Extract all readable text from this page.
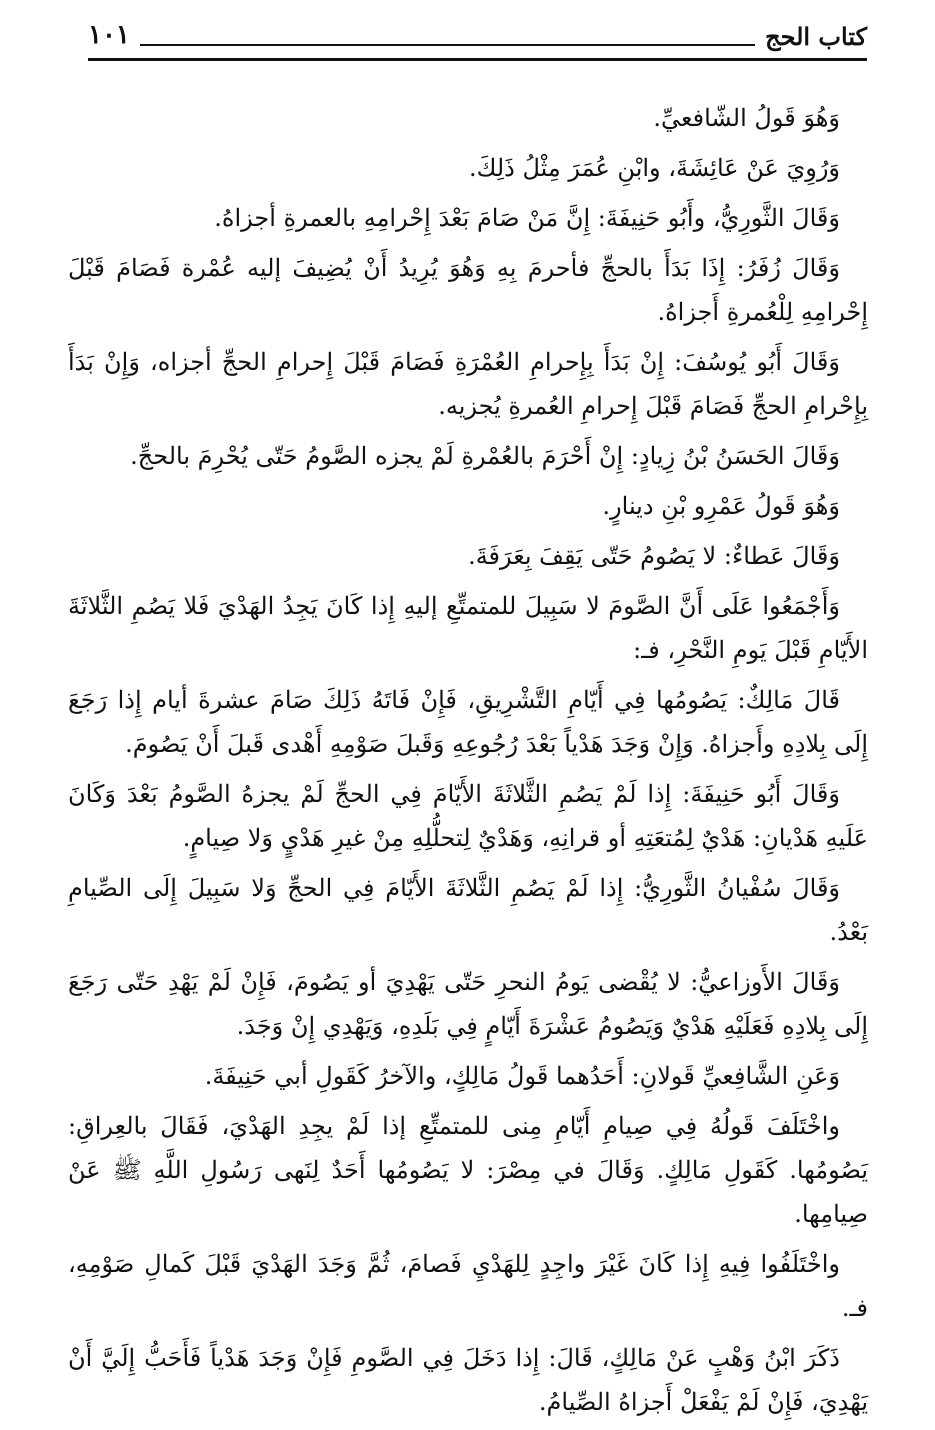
كتاب الحج
١٠١

وَهُوَ قَولُ الشّافعيِّ.

وَرُوِيَ عَنْ عَائِشَةَ، وابْنِ عُمَرَ مِثْلُ ذَلِكَ.

وَقَالَ الثَّورِيُّ، وأَبُو حَنِيفَةَ: إِنَّ مَنْ صَامَ بَعْدَ إِحْرامِهِ بالعمرةِ أجزاهُ.

وَقَالَ زُفَرُ: إِذَا بَدَأَ بالحجِّ فأحرمَ بِهِ وَهُوَ يُرِيدُ أَنْ يُضِيفَ إليه عُمْرة فَصَامَ قَبْلَ إِحْرامِهِ لِلْعُمرةِ أَجزاهُ.

وَقَالَ أَبُو يُوسُفَ: إِنْ بَدَأَ بِإِحرامِ العُمْرَةِ فَصَامَ قَبْلَ إِحرامِ الحجِّ أجزاه، وَإِنْ بَدَأَ بِإِحْرامِ الحجِّ فَصَامَ قَبْلَ إِحرامِ العُمرةِ يُجزيه.

وَقَالَ الحَسَنُ بْنُ زِيادٍ: إِنْ أَحْرَمَ بالعُمْرةِ لَمْ يجزه الصَّومُ حَتّى يُحْرِمَ بالحجِّ.

وَهُوَ قَولُ عَمْرِو بْنِ دينارٍ.

وَقَالَ عَطاءٌ: لا يَصُومُ حَتّى يَقِفَ بِعَرَفَةَ.

وَأَجْمَعُوا عَلَى أَنَّ الصَّومَ لا سَبِيلَ للمتمتِّعِ إليهِ إِذا كَانَ يَجِدُ الهَدْيَ فَلا يَصُمِ الثَّلاثَةَ الأَيّامِ قَبْلَ يَومِ النَّحْرِ، فـ:

قَالَ مَالِكٌ: يَصُومُها فِي أَيّامِ التَّشْرِيقِ، فَإِنْ فَاتَهُ ذَلِكَ صَامَ عشرةَ أيام إِذا رَجَعَ إِلَى بِلادِهِ وأَجزاهُ. وَإِنْ وَجَدَ هَدْياً بَعْدَ رُجُوعِهِ وَقَبلَ صَوْمِهِ أَهْدى قَبلَ أَنْ يَصُومَ.

وَقَالَ أَبُو حَنِيفَةَ: إِذا لَمْ يَصُمِ الثَّلاثَةَ الأَيّامَ فِي الحجِّ لَمْ يجزهُ الصَّومُ بَعْدَ وَكَانَ عَلَيهِ هَدْيانِ: هَدْيٌ لِمُتعَتِهِ أو قرانِهِ، وَهَدْيٌ لِتحلُّلِهِ مِنْ غيرِ هَدْيٍ وَلا صِيامٍ.

وَقَالَ سُفْيانُ الثَّورِيُّ: إِذا لَمْ يَصُمِ الثَّلاثَةَ الأَيّامَ فِي الحجِّ وَلا سَبِيلَ إِلَى الصِّيامِ بَعْدُ.

وَقَالَ الأَوزاعيُّ: لا يُقْضى يَومُ النحرِ حَتّى يَهْدِيَ أو يَصُومَ، فَإِنْ لَمْ يَهْدِ حَتّى رَجَعَ إِلَى بِلادِهِ فَعَلَيْهِ هَدْيٌ وَيَصُومُ عَشْرَةَ أَيّامٍ فِي بَلَدِهِ، وَيَهْدِي إِنْ وَجَدَ.

وَعَنِ الشَّافِعيِّ قَولانِ: أَحَدُهما قَولُ مَالِكٍ، والآخرُ كَقَولِ أبي حَنِيفَةَ.

واخْتَلَفَ قَولُهُ فِي صِيامِ أَيّامِ مِنى للمتمتِّعِ إذا لَمْ يجِدِ الهَدْيَ، فَقَالَ بالعِراقِ: يَصُومُها. كَقَولِ مَالِكٍ. وَقَالَ في مِصْرَ: لا يَصُومُها أَحَدٌ لِنَهى رَسُولِ اللَّهِ ﷺ عَنْ صِيامِها.

واخْتَلَفُوا فِيهِ إِذا كَانَ غَيْرَ واجِدٍ لِلهَدْيِ فَصامَ، ثُمَّ وَجَدَ الهَدْيَ قَبْلَ كَمالِ صَوْمِهِ، فـ.

ذَكَرَ ابْنُ وَهْبٍ عَنْ مَالِكٍ، قَالَ: إِذا دَخَلَ فِي الصَّومِ فَإِنْ وَجَدَ هَدْياً فَأَحَبُّ إِلَيَّ أَنْ يَهْدِيَ، فَإِنْ لَمْ يَفْعَلْ أَجزاهُ الصِّيامُ.
